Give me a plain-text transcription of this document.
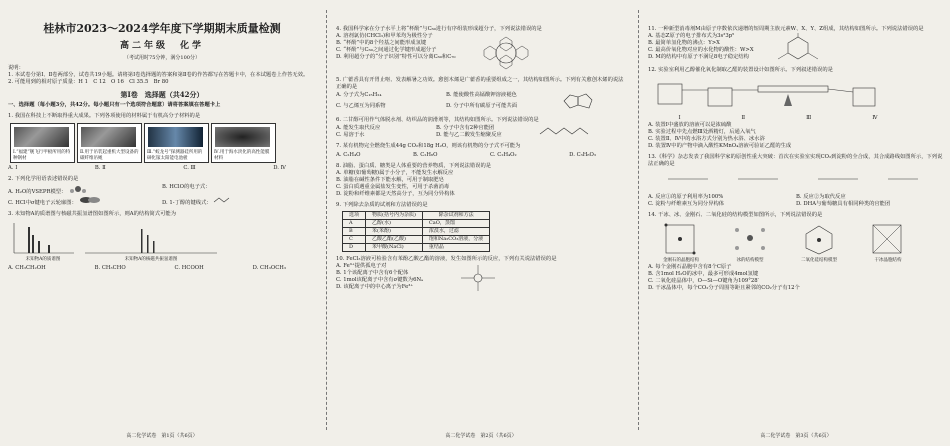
桂林市2023～2024学年度下学期期末质量检测
高二年级　化学
（考试用时75分钟，满分100分）
说明：
1. 本试卷分第Ⅰ、Ⅱ卷两部分，试卷共19小题。请将第Ⅰ卷选择题的答案和第Ⅱ卷的作答都写在答题卡中，在本试题卷上作答无效。
2. 可能用到的相对原子质量：H 1　C 12　O 16　Cl 35.5　Br 80
第Ⅰ卷　选择题（共42分）
一、选择题（每小题3分，共42分。每小题只有一个选项符合题意）请将答案填在答题卡上
1. 我国在科技上不断取得重大成果。下列各项使用的材料属于有机高分子材料的是
Ⅰ.“福建”舰飞行甲板所用的特种钢材
Ⅱ.用于吊装起重机大型设备的碳纤维吊绳
Ⅲ.“蛟龙号”探测器硅所用的砷化镓太阳能电池板
Ⅳ.用于海水淡化的高性能膜材料
A. Ⅰ	B. Ⅱ	C. Ⅲ	D. Ⅳ
2. 下列化学用语表述错误的是
A. H₂O的VSEPR模型：
B. HClO的电子式：
C. HCl中σ键电子云轮廓图：	D. 1-丁醇的键线式：
3. 未知物A的质谱图与核磁共振氢谱图如图所示，则A的结构简式可能为
未知物A的质谱图	未知物A的核磁共振氢谱图
A. CH₃CH₂OH	B. CH₃CHO	C. HCOOH	D. CH₃OCH₃
高二化学试卷　第1页（共6页）
4. 我国科学家在分子水平上将“杯酚”与C₆₀进行有序组装形成超分子，下列说法错误的是
A. 溶剂氯仿(CHCl₃)和甲苯均为极性分子
B. “杯酚”中的8个羟基之间能形成氢键
C. “杯酚”与C₆₀之间通过化学键形成超分子
D. 利用超分子的“分子识别”特性可以分离C₆₀和C₇₀
5. 广藿香具有开胃止呕、发表解暑之功效。愈创木烯是广藿香的重要组成之一，其结构如图所示。下列有关愈创木烯的说法正确的是
A. 分子式为C₁₅H₂₄	B. 能使酸性高锰酸钾溶液褪色
C. 与乙烯互为同系物	D. 分子中所有碳原子可能共面
6. 二甘醇可用作气体脱水剂、纺织品的润滑剂等，其结构如图所示。下列说法错误的是
A. 能发生取代反应	B. 分子中含有2种官能团
C. 易溶于水	D. 能与乙二酸发生缩聚反应
7. 某有机物完全燃烧生成44g CO₂和18g H₂O，则该有机物的分子式不可能为
A. C₂H₄O	B. C₂H₆O	C. C₂H₄O₂	D. C₃H₆O₃
8. 油脂、蛋白质、糖类是人体重要的营养物质，下列说法错误的是
A. 单糖(如葡萄糖)属于小分子，不能发生水解反应
B. 油脂在碱性条件下能水解，可用于制取肥皂
C. 蛋白质遇重金属盐发生变性，可用于杀菌消毒
D. 淀粉和纤维素都是天然高分子，互为同分异构体
9. 下列除去杂质的试剂和方法错误的是
选项	物质(括号内为杂质)	除杂试剂和方法
A	乙醇(水)	CaO，蒸馏
B	苯(苯酚)	浓溴水，过滤
C	乙酸乙酯(乙酸)	饱和Na₂CO₃溶液，分液
D	苯甲酸(NaCl)	重结晶
10. FeCl₃溶液可检验含有苯酚乙酸乙酯的溶液，发生如图所示的反应，下列有关说法错误的是
A. Fe³⁺提供孤电子对
B. 1个该配离子中含有6个配体
C. 1mol该配离子中含有σ键数为6Nₐ
D. 该配离子中的中心离子为Fe³⁺
高二化学试卷　第2页（共6页）
11. 一种新型消毒剂M由原子序数依次递增的短周期主族元素W、X、Y、Z组成，其结构如图所示。下列说法错误的是
A. 基态Z原子的电子排布式为3s²3p⁵
B. 最简单氢化物的沸点：Y>X
C. 最高价氧化物对应的水化物的酸性：W>X
D. M的结构中有原子不满足8电子稳定结构
12. 实验室利用乙醇催化氧化制取乙醛的装置设计如图所示。下列叙述错误的是
Ⅰ	Ⅱ	Ⅲ	Ⅳ
A. 装置Ⅰ中盛放的溶液可以是浓硫酸
B. 实验过程中先点燃Ⅲ处酒精灯，后通入氧气
C. 装置Ⅱ、Ⅳ中的水浴方式分别为热水浴、冰水浴
D. 装置Ⅳ中的产物中滴入酸性KMnO₄溶液可验证乙醛的生成
13.《科学》杂志发表了我国科学家的原创性重大突破：首次在实验室实现CO₂到淀粉的全合成，其合成路线如图所示，下列说法正确的是
A. 反应①的原子利用率为100%	B. 反应②为取代反应
C. 淀粉与纤维素互为同分异构体	D. DHA与葡萄糖具有相同种类的官能团
14. 干冰、冰、金刚石、二氧化硅的结构模型如图所示，下列说法错误的是
金刚石的晶胞结构	冰的结构模型	二氧化硅结构模型	干冰晶胞结构
A. 每个金刚石晶胞中含有8个C原子
B. 含1mol H₂O的冰中，最多可形成4mol氢键
C. 二氧化硅晶体中，O—Si—O键角为109°28′
D. 干冰晶体中，每个CO₂分子周围等距且紧邻的CO₂分子有12个
高二化学试卷　第3页（共6页）
